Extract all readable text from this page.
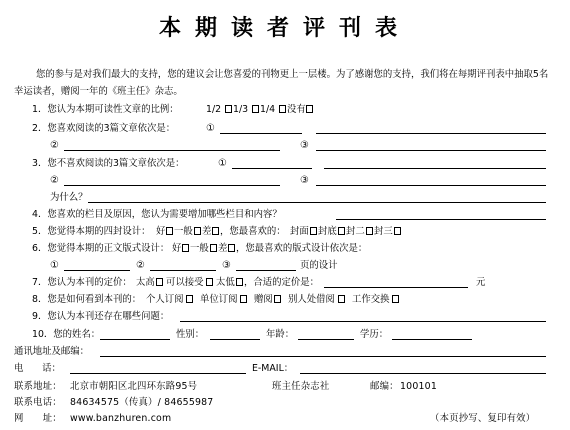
本期读者评刊表

您的参与是对我们最大的支持，您的建议会让您喜爱的刊物更上一层楼。为了感谢您的支持，我们将在每期评刊表中抽取5名幸运读者，赠阅一年的《班主任》杂志。

1．您认为本期可读性文章的比例：	1/2 1/3 1/4 没有
2．您喜欢阅读的3篇文章依次是：	①
②	③
3．您不喜欢阅读的3篇文章依次是：	①
②	③
为什么？
4．您喜欢的栏目及原因，您认为需要增加哪些栏目和内容？
5．您觉得本期的四封设计： 好 一般 差 ，您最喜欢的： 封面 封底 封二 封三
6．您觉得本期的正文版式设计： 好 一般 差 ，您最喜欢的版式设计依次是：
①	②	③	页的设计
7．您认为本刊的定价： 太高 可以接受 太低 ，合适的定价是：	元
8．您是如何看到本刊的： 个人订阅 单位订阅 赠阅 别人处借阅 工作交换
9．您认为本刊还存在哪些问题：
10．您的姓名：	性别：	年龄：	学历：
通讯地址及邮编：
电　　话：	E-MAIL：
联系地址： 北京市朝阳区北四环东路95号	班主任杂志社	邮编： 100101
联系电话： 84634575（传真）/ 84655987
网　　址： www.banzhuren.com	（本页抄写、复印有效）
